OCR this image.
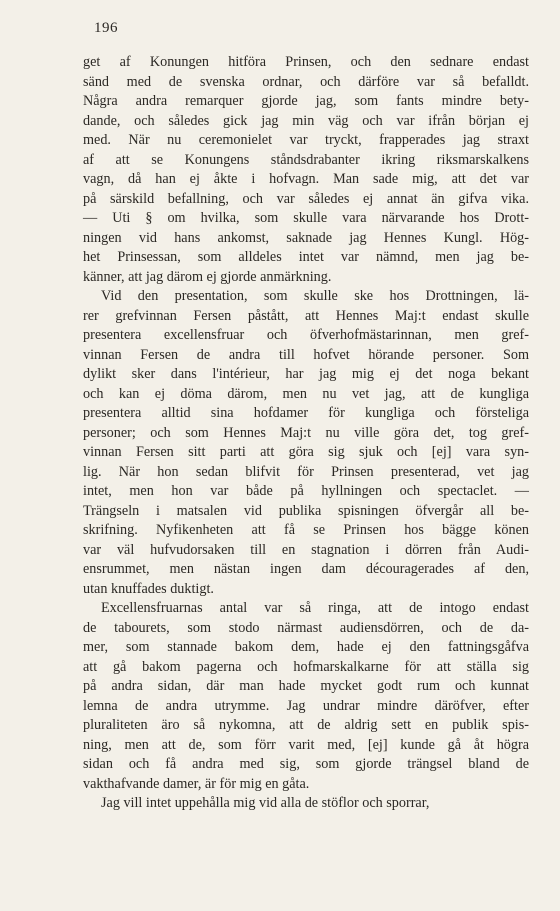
196
get af Konungen hitföra Prinsen, och den sednare endast
sänd med de svenska ordnar, och därföre var så befalldt.
Några andra remarquer gjorde jag, som fants mindre bety-
dande, och således gick jag min väg och var ifrån början ej
med. När nu ceremonielet var tryckt, frapperades jag straxt
af att se Konungens ståndsdrabanter ikring riksmarskalkens
vagn, då han ej åkte i hofvagn. Man sade mig, att det var
på särskild befallning, och var således ej annat än gifva vika.
— Uti § om hvilka, som skulle vara närvarande hos Drott-
ningen vid hans ankomst, saknade jag Hennes Kungl. Hög-
het Prinsessan, som alldeles intet var nämnd, men jag be-
känner, att jag därom ej gjorde anmärkning.
Vid den presentation, som skulle ske hos Drottningen, lä-
rer grefvinnan Fersen påstått, att Hennes Maj:t endast skulle
presentera excellensfruar och öfverhofmästarinnan, men gref-
vinnan Fersen de andra till hofvet hörande personer. Som
dylikt sker dans l'intérieur, har jag mig ej det noga bekant
och kan ej döma därom, men nu vet jag, att de kungliga
presentera alltid sina hofdamer för kungliga och förstеliga
personer; och som Hennes Maj:t nu ville göra det, tog gref-
vinnan Fersen sitt parti att göra sig sjuk och [ej] vara syn-
lig. När hon sedan blifvit för Prinsen presenterad, vet jag
intet, men hon var både på hyllningen och spectaclet. —
Trängseln i matsalen vid publika spisningen öfvergår all be-
skrifning. Nyfikenheten att få se Prinsen hos bägge könen
var väl hufvudorsaken till en stagnation i dörren från Audi-
ensrummet, men nästan ingen dam découragerades af den,
utan knuffades duktigt.
Excellensfruarnas antal var så ringa, att de intogo endast
de tabourets, som stodo närmast audiensdörren, och de da-
mer, som stannade bakom dem, hade ej den fattningsgåfva
att gå bakom pagerna och hofmarskalkarne för att ställa sig
på andra sidan, där man hade mycket godt rum och kunnat
lemna de andra utrymme. Jag undrar mindre däröfver, efter
pluraliteten äro så nykomna, att de aldrig sett en publik spis-
ning, men att de, som förr varit med, [ej] kunde gå åt högra
sidan och få andra med sig, som gjorde trängsel bland de
vakthafvande damer, är för mig en gåta.
Jag vill intet uppehålla mig vid alla de stöflor och sporrar,
